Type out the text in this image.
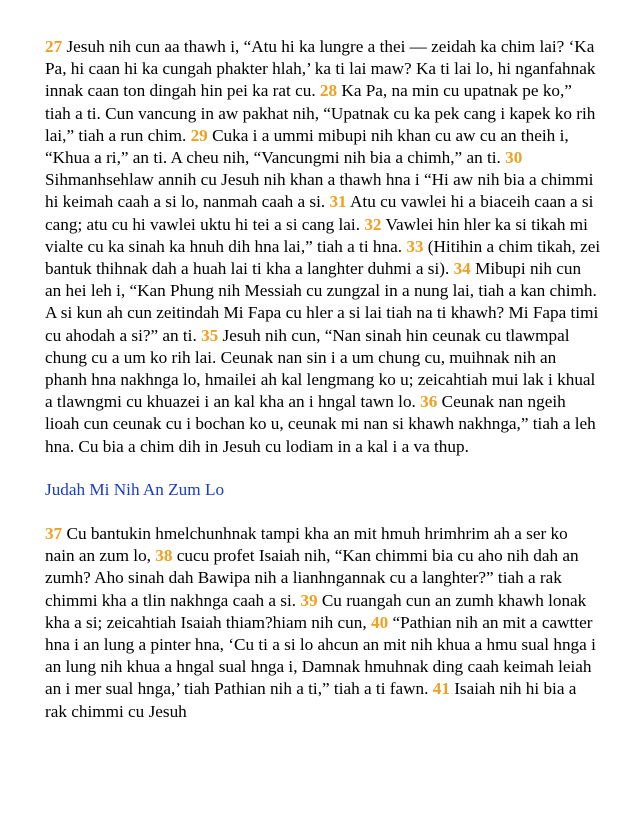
27 Jesuh nih cun aa thawh i, “Atu hi ka lungre a thei — zeidah ka chim lai? ‘Ka Pa, hi caan hi ka cungah phakter hlah,’ ka ti lai maw? Ka ti lai lo, hi nganfahnak innak caan ton dingah hin pei ka rat cu. 28 Ka Pa, na min cu upatnak pe ko,” tiah a ti. Cun vancung in aw pakhat nih, “Upatnak cu ka pek cang i kapek ko rih lai,” tiah a run chim. 29 Cuka i a ummi mibupi nih khan cu aw cu an theih i, “Khua a ri,” an ti. A cheu nih, “Vancungmi nih bia a chimh,” an ti. 30 Sihmanhsehlaw annih cu Jesuh nih khan a thawh hna i “Hi aw nih bia a chimmi hi keimah caah a si lo, nanmah caah a si. 31 Atu cu vawlei hi a biaceih caan a si cang; atu cu hi vawlei uktu hi tei a si cang lai. 32 Vawlei hin hler ka si tikah mi vialte cu ka sinah ka hnuh dih hna lai,” tiah a ti hna. 33 (Hitihin a chim tikah, zei bantuk thihnak dah a huah lai ti kha a langhter duhmi a si). 34 Mibupi nih cun an hei leh i, “Kan Phung nih Messiah cu zungzal in a nung lai, tiah a kan chimh. A si kun ah cun zeitindah Mi Fapa cu hler a si lai tiah na ti khawh? Mi Fapa timi cu ahodah a si?” an ti. 35 Jesuh nih cun, “Nan sinah hin ceunak cu tlawmpal chung cu a um ko rih lai. Ceunak nan sin i a um chung cu, muihnak nih an phanh hna nakhnga lo, hmailei ah kal lengmang ko u; zeicahtiah mui lak i khual a tlawngmi cu khuazei i an kal kha an i hngal tawn lo. 36 Ceunak nan ngeih lioah cun ceunak cu i bochan ko u, ceunak mi nan si khawh nakhnga,” tiah a leh hna. Cu bia a chim dih in Jesuh cu lodiam in a kal i a va thup.

Judah Mi Nih An Zum Lo

37 Cu bantukin hmelchunhnak tampi kha an mit hmuh hrimhrim ah a ser ko nain an zum lo, 38 cucu profet Isaiah nih, “Kan chimmi bia cu aho nih dah an zumh? Aho sinah dah Bawipa nih a lianhngannak cu a langhter?” tiah a rak chimmi kha a tlin nakhnga caah a si. 39 Cu ruangah cun an zumh khawh lonak kha a si; zeicahtiah Isaiah thiam?hiam nih cun, 40 “Pathian nih an mit a cawtter hna i an lung a pinter hna, ‘Cu ti a si lo ahcun an mit nih khua a hmu sual hnga i an lung nih khua a hngal sual hnga i, Damnak hmuhnak ding caah keimah leiah an i mer sual hnga,’ tiah Pathian nih a ti,” tiah a ti fawn. 41 Isaiah nih hi bia a rak chimmi cu Jesuh
